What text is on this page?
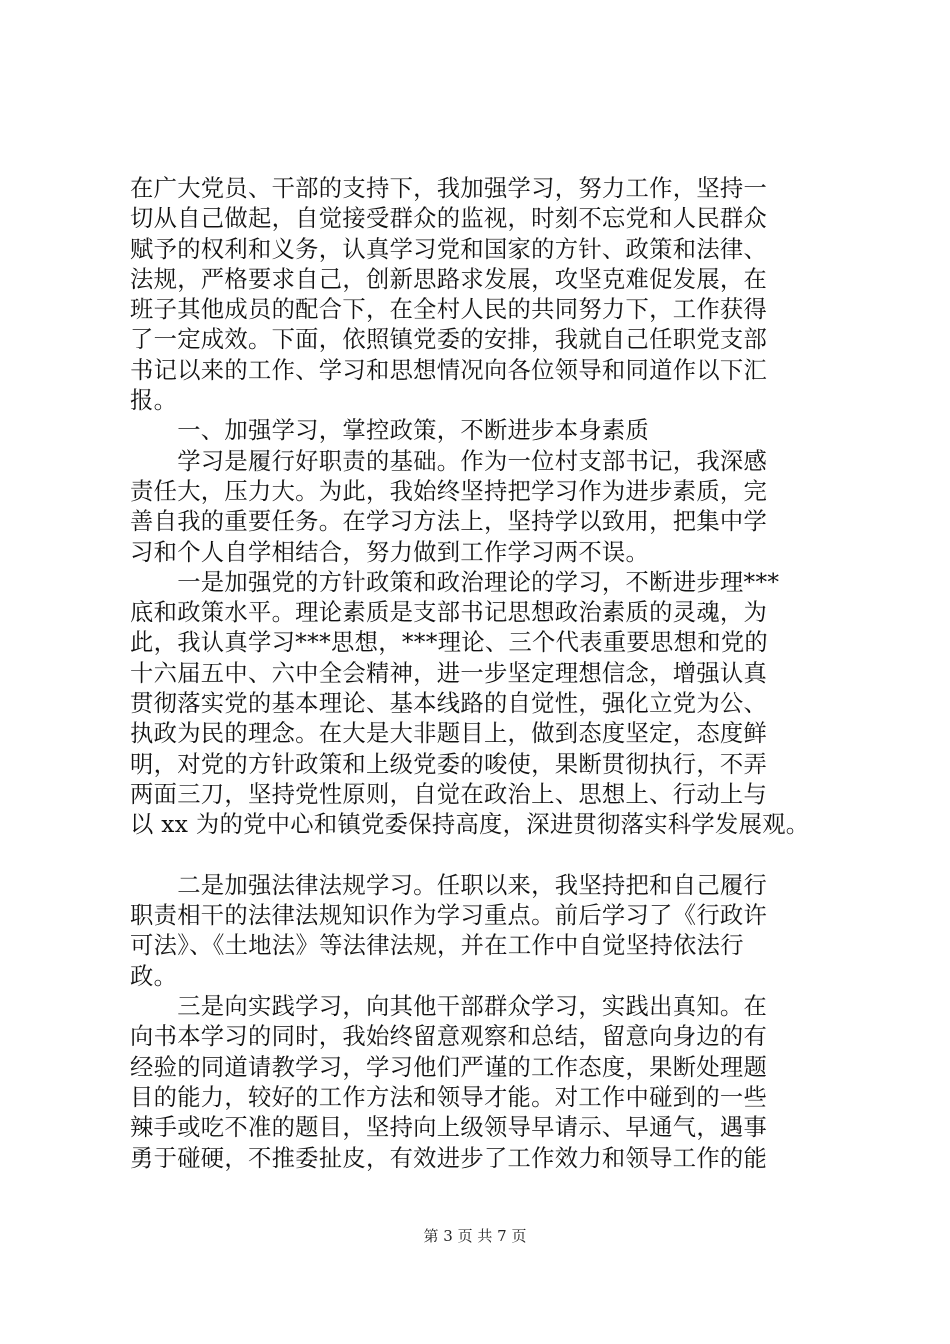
在广大党员、干部的支持下，我加强学习，努力工作，坚持一
切从自己做起，自觉接受群众的监视，时刻不忘党和人民群众
赋予的权利和义务，认真学习党和国家的方针、政策和法律、
法规，严格要求自己，创新思路求发展，攻坚克难促发展，在
班子其他成员的配合下，在全村人民的共同努力下，工作获得
了一定成效。下面，依照镇党委的安排，我就自己任职党支部
书记以来的工作、学习和思想情况向各位领导和同道作以下汇
报。
　　一、加强学习，掌控政策，不断进步本身素质
　　学习是履行好职责的基础。作为一位村支部书记，我深感
责任大，压力大。为此，我始终坚持把学习作为进步素质，完
善自我的重要任务。在学习方法上，坚持学以致用，把集中学
习和个人自学相结合，努力做到工作学习两不误。
　　一是加强党的方针政策和政治理论的学习，不断进步理***
底和政策水平。理论素质是支部书记思想政治素质的灵魂，为
此，我认真学习***思想，***理论、三个代表重要思想和党的
十六届五中、六中全会精神，进一步坚定理想信念，增强认真
贯彻落实党的基本理论、基本线路的自觉性，强化立党为公、
执政为民的理念。在大是大非题目上，做到态度坚定，态度鲜
明，对党的方针政策和上级党委的唆使，果断贯彻执行，不弄
两面三刀，坚持党性原则，自觉在政治上、思想上、行动上与
以 xx 为的党中心和镇党委保持高度，深进贯彻落实科学发展观。
　　二是加强法律法规学习。任职以来，我坚持把和自己履行
职责相干的法律法规知识作为学习重点。前后学习了《行政许
可法》、《土地法》等法律法规，并在工作中自觉坚持依法行
政。
　　三是向实践学习，向其他干部群众学习，实践出真知。在
向书本学习的同时，我始终留意观察和总结，留意向身边的有
经验的同道请教学习，学习他们严谨的工作态度，果断处理题
目的能力，较好的工作方法和领导才能。对工作中碰到的一些
辣手或吃不准的题目，坚持向上级领导早请示、早通气，遇事
勇于碰硬，不推委扯皮，有效进步了工作效力和领导工作的能
第 3 页 共 7 页
